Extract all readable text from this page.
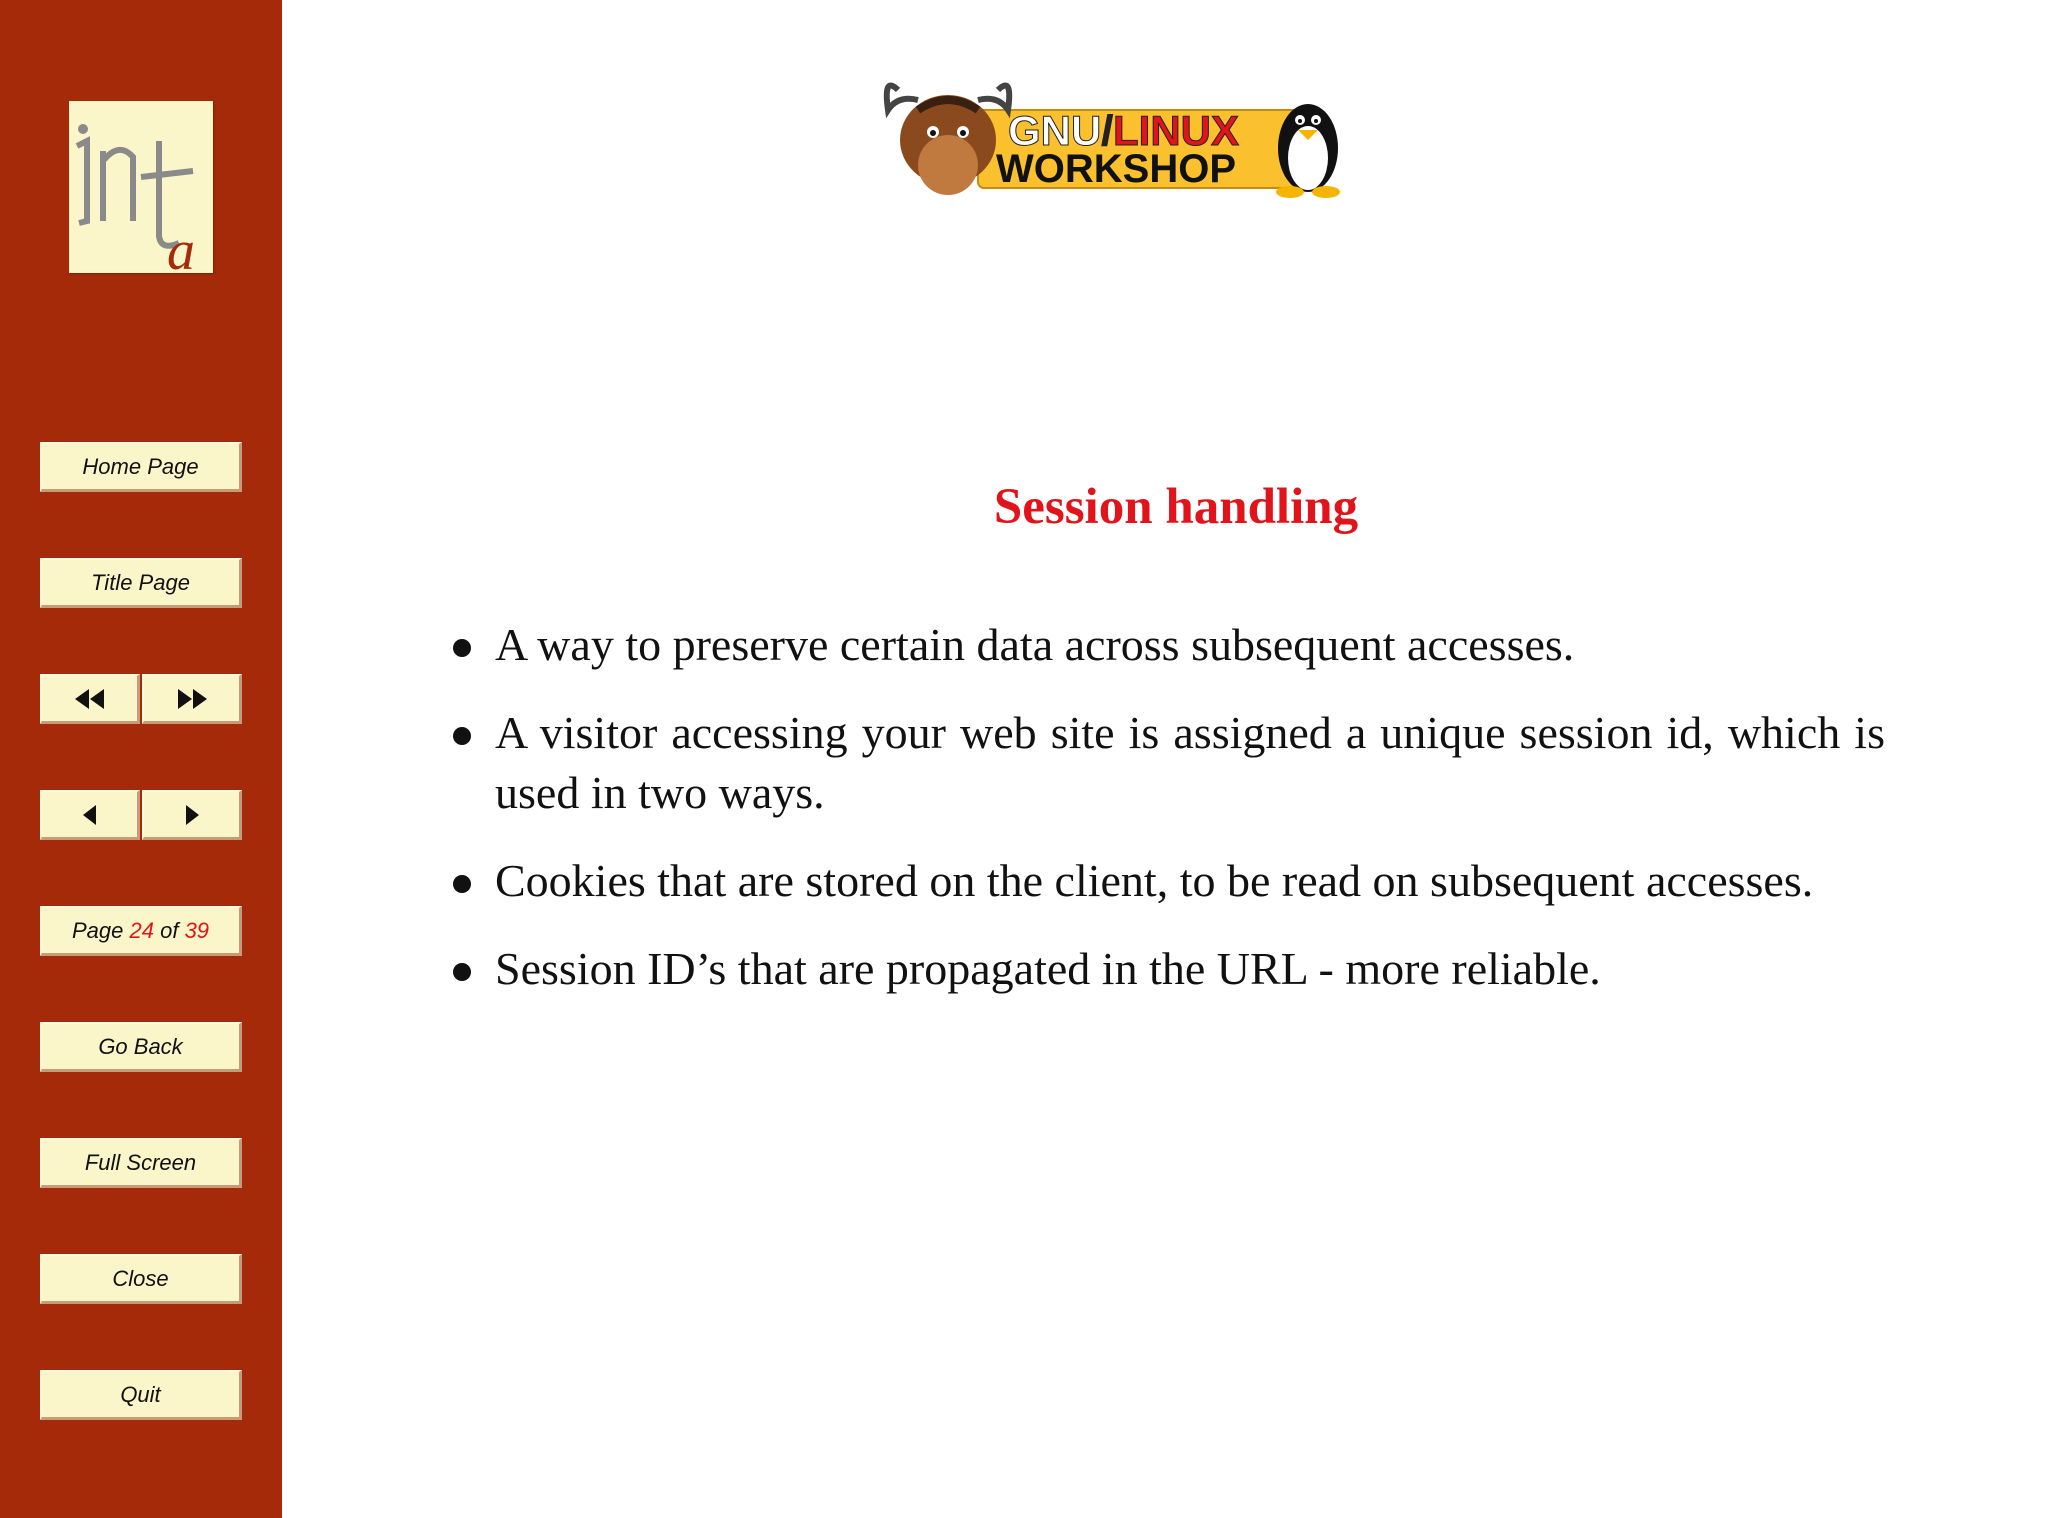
a
Home Page
Title Page
Page
24
of
39
Go Back
Full Screen
Close
Quit
GNU/LINUX
WORKSHOP
Session handling
A way to preserve certain data across subsequent accesses.
A visitor accessing your web site is assigned a unique session id, which is used in two ways.
Cookies that are stored on the client, to be read on subsequent accesses.
Session ID’s that are propagated in the URL - more reliable.
